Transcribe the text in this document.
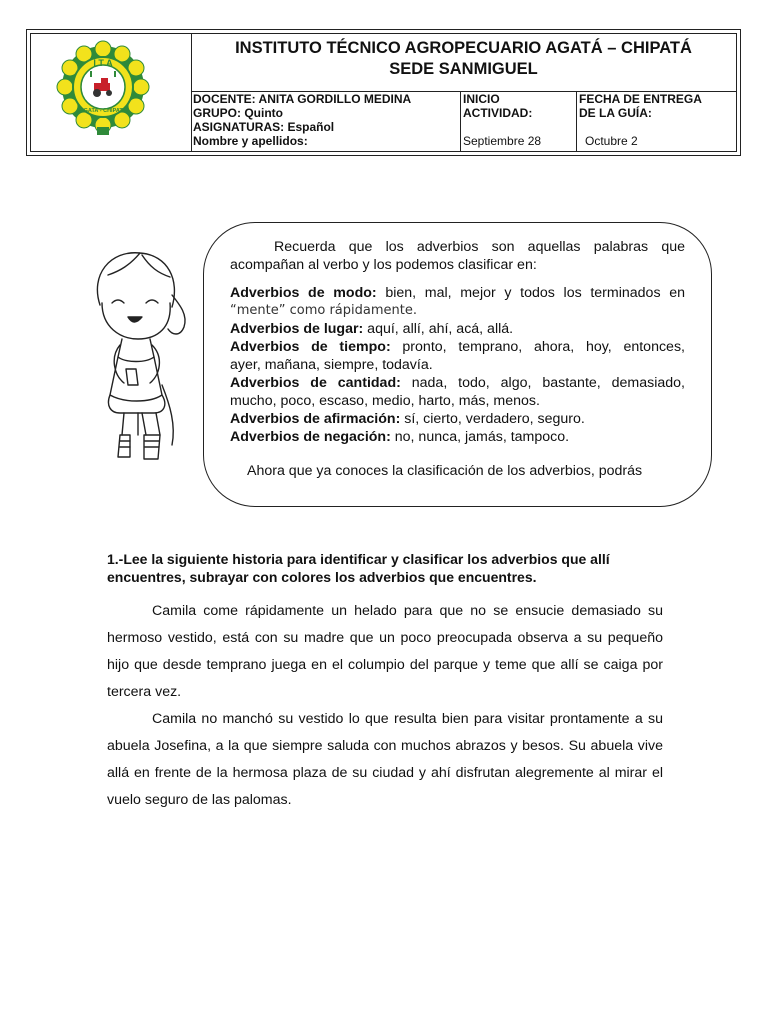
I T A
AGATA - CHIPATA
INSTITUTO TÉCNICO AGROPECUARIO AGATÁ – CHIPATÁ
SEDE SANMIGUEL
DOCENTE: ANITA GORDILLO MEDINA
GRUPO: Quinto
ASIGNATURAS: Español
Nombre y apellidos:
INICIO
ACTIVIDAD:
Septiembre 28
FECHA DE ENTREGA
DE LA GUÍA:
Octubre 2

Recuerda que los adverbios son aquellas palabras que

acompañan al verbo y los podemos clasificar en:

Adverbios de modo: bien, mal, mejor y todos los terminados en

“mente” como rápidamente.

Adverbios de lugar: aquí, allí, ahí, acá, allá.

Adverbios de tiempo: pronto, temprano, ahora, hoy, entonces,

ayer, mañana, siempre, todavía.

Adverbios de cantidad: nada, todo, algo, bastante, demasiado,

mucho, poco, escaso, medio, harto, más, menos.

Adverbios de afirmación: sí, cierto, verdadero, seguro.

Adverbios de negación: no, nunca, jamás, tampoco.

Ahora que ya conoces la clasificación de los adverbios, podrás

1.-Lee la siguiente historia para identificar y clasificar los adverbios que allí encuentres, subrayar con colores los adverbios que encuentres.

Camila come rápidamente un helado para que no se ensucie demasiado su hermoso vestido, está con su madre que un poco preocupada observa a su pequeño hijo que desde temprano juega en el columpio del parque y teme que allí se caiga por tercera vez.

Camila no manchó su vestido lo que resulta bien para visitar prontamente a su abuela Josefina, a la que siempre saluda con muchos abrazos y besos. Su abuela vive allá en frente de la hermosa plaza de su ciudad y ahí disfrutan alegremente al mirar el vuelo seguro de las palomas.
